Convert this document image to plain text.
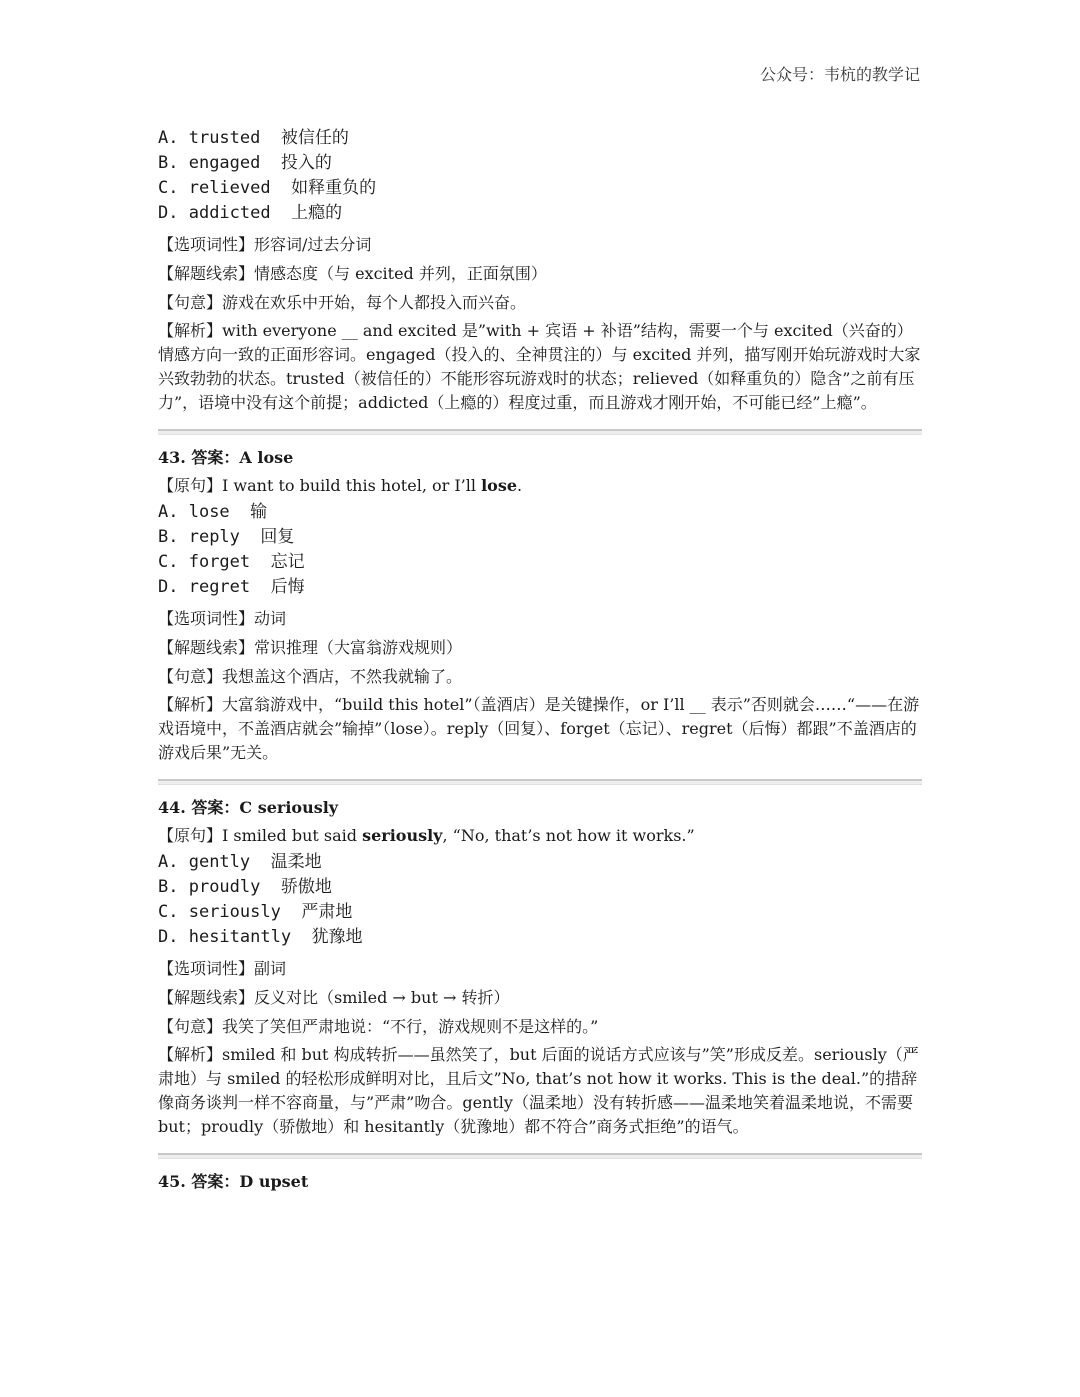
公众号：韦杭的教学记
A. trusted 被信任的
B. engaged 投入的
C. relieved 如释重负的
D. addicted 上瘾的
【选项词性】形容词/过去分词
【解题线索】情感态度（与 excited 并列，正面氛围）
【句意】游戏在欢乐中开始，每个人都投入而兴奋。
【解析】with everyone __ and excited 是”with + 宾语 + 补语”结构，需要一个与 excited（兴奋的）情感方向一致的正面形容词。engaged（投入的、全神贯注的）与 excited 并列，描写刚开始玩游戏时大家兴致勃勃的状态。trusted（被信任的）不能形容玩游戏时的状态；relieved（如释重负的）隐含”之前有压力”，语境中没有这个前提；addicted（上瘾的）程度过重，而且游戏才刚开始，不可能已经”上瘾”。
43. 答案：A lose
【原句】I want to build this hotel, or I’ll lose.
A. lose 输
B. reply 回复
C. forget 忘记
D. regret 后悔
【选项词性】动词
【解题线索】常识推理（大富翁游戏规则）
【句意】我想盖这个酒店，不然我就输了。
【解析】大富翁游戏中，“build this hotel”（盖酒店）是关键操作，or I’ll __ 表示”否则就会……“——在游戏语境中，不盖酒店就会”输掉”（lose）。reply（回复）、forget（忘记）、regret（后悔）都跟”不盖酒店的游戏后果”无关。
44. 答案：C seriously
【原句】I smiled but said seriously, “No, that’s not how it works.”
A. gently 温柔地
B. proudly 骄傲地
C. seriously 严肃地
D. hesitantly 犹豫地
【选项词性】副词
【解题线索】反义对比（smiled → but → 转折）
【句意】我笑了笑但严肃地说：“不行，游戏规则不是这样的。”
【解析】smiled 和 but 构成转折——虽然笑了，but 后面的说话方式应该与”笑”形成反差。seriously（严肃地）与 smiled 的轻松形成鲜明对比，且后文”No, that’s not how it works. This is the deal.”的措辞像商务谈判一样不容商量，与”严肃”吻合。gently（温柔地）没有转折感——温柔地笑着温柔地说，不需要 but；proudly（骄傲地）和 hesitantly（犹豫地）都不符合”商务式拒绝”的语气。
45. 答案：D upset
